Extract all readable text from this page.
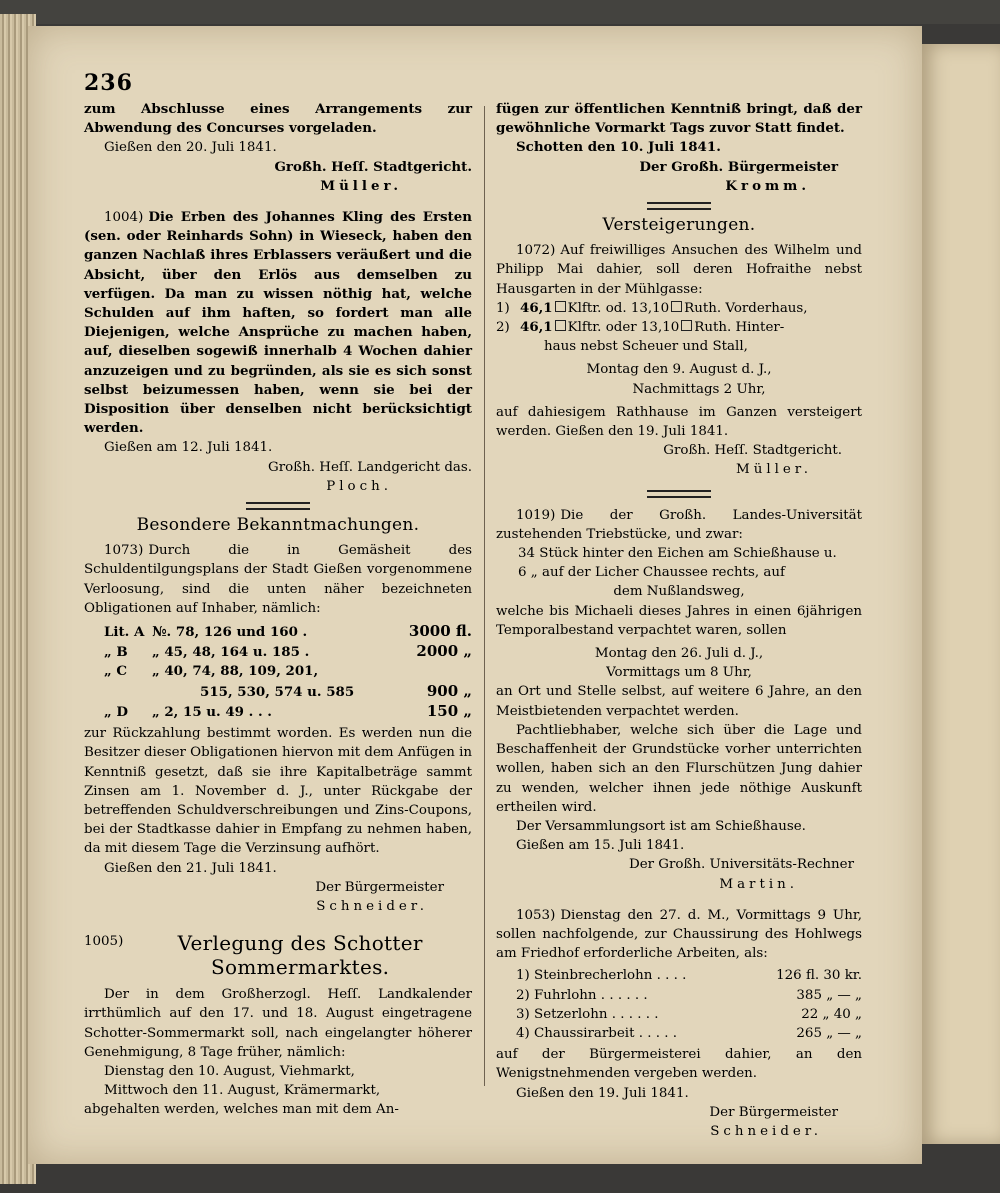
236

zum Abschlusse eines Arrangements zur Abwendung des Concurses vorgeladen.

Gießen den 20. Juli 1841.

Großh. Heſſ. Stadtgericht.

Müller.

1004) Die Erben des Johannes Kling des Ersten (sen. oder Reinhards Sohn) in Wieseck, haben den ganzen Nachlaß ihres Erblassers veräußert und die Absicht, über den Erlös aus demselben zu verfügen. Da man zu wissen nöthig hat, welche Schulden auf ihm haften, so fordert man alle Diejenigen, welche Ansprüche zu machen haben, auf, dieselben sogewiß innerhalb 4 Wochen dahier anzuzeigen und zu begründen, als sie es sich sonst selbst beizumessen haben, wenn sie bei der Disposition über denselben nicht berücksichtigt werden.

Gießen am 12. Juli 1841.

Großh. Heſſ. Landgericht das.

Ploch.

Besondere Bekanntmachungen.

1073) Durch die in Gemäsheit des Schuldentilgungsplans der Stadt Gießen vorgenommene Verloosung, sind die unten näher bezeichneten Obligationen auf Inhaber, nämlich:

Lit. A №. 78, 126 und 160 .	3000 fl.
„ B	„ 45, 48, 164 u. 185 .	2000 „
„ C	„ 40, 74, 88, 109, 201,
515, 530, 574 u. 585	900 „
„ D	„ 2, 15 u. 49 . . .	150 „

zur Rückzahlung bestimmt worden. Es werden nun die Besitzer dieser Obligationen hiervon mit dem Anfügen in Kenntniß gesetzt, daß sie ihre Kapitalbeträge sammt Zinsen am 1. November d. J., unter Rückgabe der betreffenden Schuldverschreibungen und Zins-Coupons, bei der Stadtkasse dahier in Empfang zu nehmen haben, da mit diesem Tage die Verzinsung aufhört.

Gießen den 21. Juli 1841.

Der Bürgermeister

Schneider.

1005)	Verlegung des Schotter Sommermarktes.

Der in dem Großherzogl. Heſſ. Landkalender irrthümlich auf den 17. und 18. August eingetragene Schotter-Sommermarkt soll, nach eingelangter höherer Genehmigung, 8 Tage früher, nämlich:

Dienstag den 10. August, Viehmarkt,

Mittwoch den 11. August, Krämermarkt,

abgehalten werden, welches man mit dem An-

fügen zur öffentlichen Kenntniß bringt, daß der gewöhnliche Vormarkt Tags zuvor Statt findet.

Schotten den 10. Juli 1841.

Der Großh. Bürgermeister

Kromm.

Versteigerungen.

1072) Auf freiwilliges Ansuchen des Wilhelm und Philipp Mai dahier, soll deren Hofraithe nebst Hausgarten in der Mühlgasse:

1) 46,1 Klftr. od. 13,10 Ruth. Vorderhaus,
2) 46,1 Klftr. oder 13,10 Ruth. Hinter-

haus nebst Scheuer und Stall,

Montag den 9. August d. J.,

Nachmittags 2 Uhr,

auf dahiesigem Rathhause im Ganzen versteigert werden. Gießen den 19. Juli 1841.

Großh. Heſſ. Stadtgericht.

Müller.

1019) Die der Großh. Landes-Universität zustehenden Triebstücke, und zwar:

34 Stück hinter den Eichen am Schießhause u.

6 „ auf der Licher Chaussee rechts, auf

dem Nußlandsweg,

welche bis Michaeli dieses Jahres in einen 6jährigen Temporalbestand verpachtet waren, sollen

Montag den 26. Juli d. J.,

Vormittags um 8 Uhr,

an Ort und Stelle selbst, auf weitere 6 Jahre, an den Meistbietenden verpachtet werden.

Pachtliebhaber, welche sich über die Lage und Beschaffenheit der Grundstücke vorher unterrichten wollen, haben sich an den Flurschützen Jung dahier zu wenden, welcher ihnen jede nöthige Auskunft ertheilen wird.

Der Versammlungsort ist am Schießhause.

Gießen am 15. Juli 1841.

Der Großh. Universitäts-Rechner

Martin.

1053) Dienstag den 27. d. M., Vormittags 9 Uhr, sollen nachfolgende, zur Chaussirung des Hohlwegs am Friedhof erforderliche Arbeiten, als:

1) Steinbrecherlohn . . . .	126 fl. 30 kr.
2) Fuhrlohn . . . . . .	385 „ — „
3) Setzerlohn . . . . . .	22 „ 40 „
4) Chaussirarbeit . . . . .	265 „ — „

auf der Bürgermeisterei dahier, an den Wenigstnehmenden vergeben werden.

Gießen den 19. Juli 1841.

Der Bürgermeister

Schneider.
